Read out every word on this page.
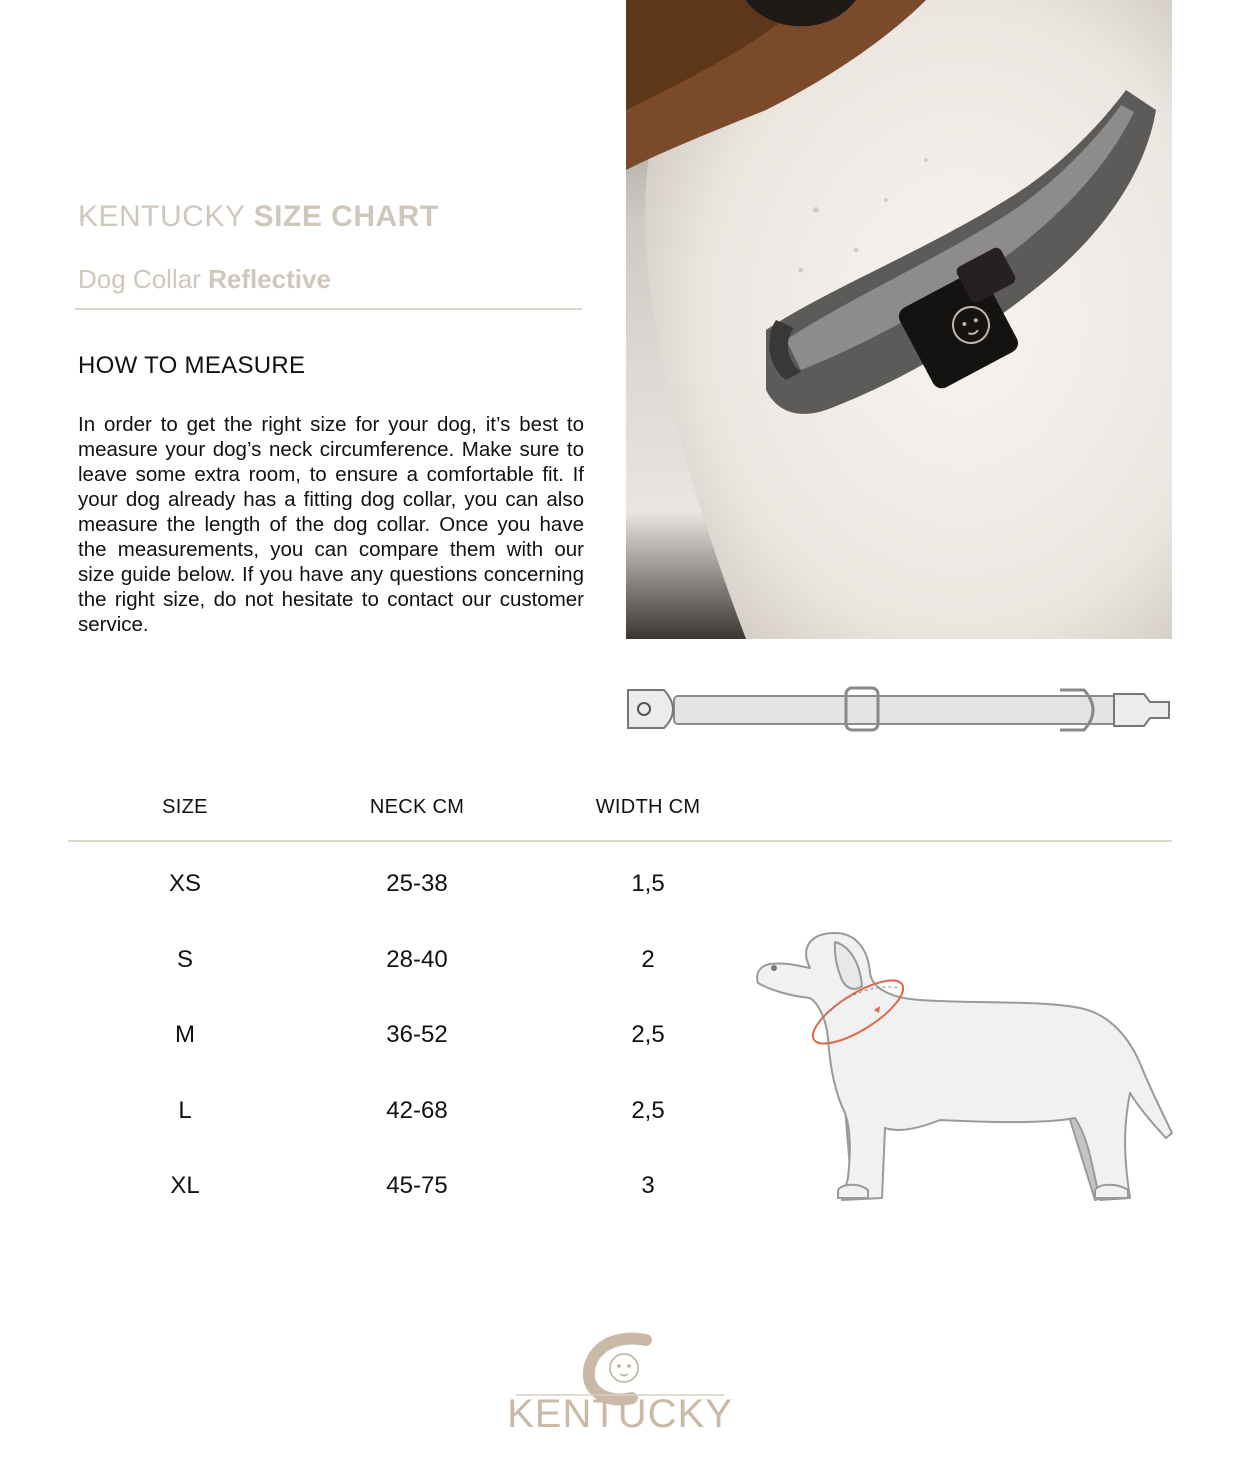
KENTUCKY SIZE CHART
Dog Collar Reflective
HOW TO MEASURE
In order to get the right size for your dog, it’s best to measure your dog’s neck circumference. Make sure to leave some extra room, to ensure a comfortable fit. If your dog already has a fitting dog collar, you can also measure the length of the dog collar. Once you have the measurements, you can compare them with our size guide below. If you have any questions concerning the right size, do not hesitate to contact our customer service.
SIZE	NECK CM	WIDTH CM
XS	25-38	1,5
S	28-40	2
M	36-52	2,5
L	42-68	2,5
XL	45-75	3
KENTUCKY
